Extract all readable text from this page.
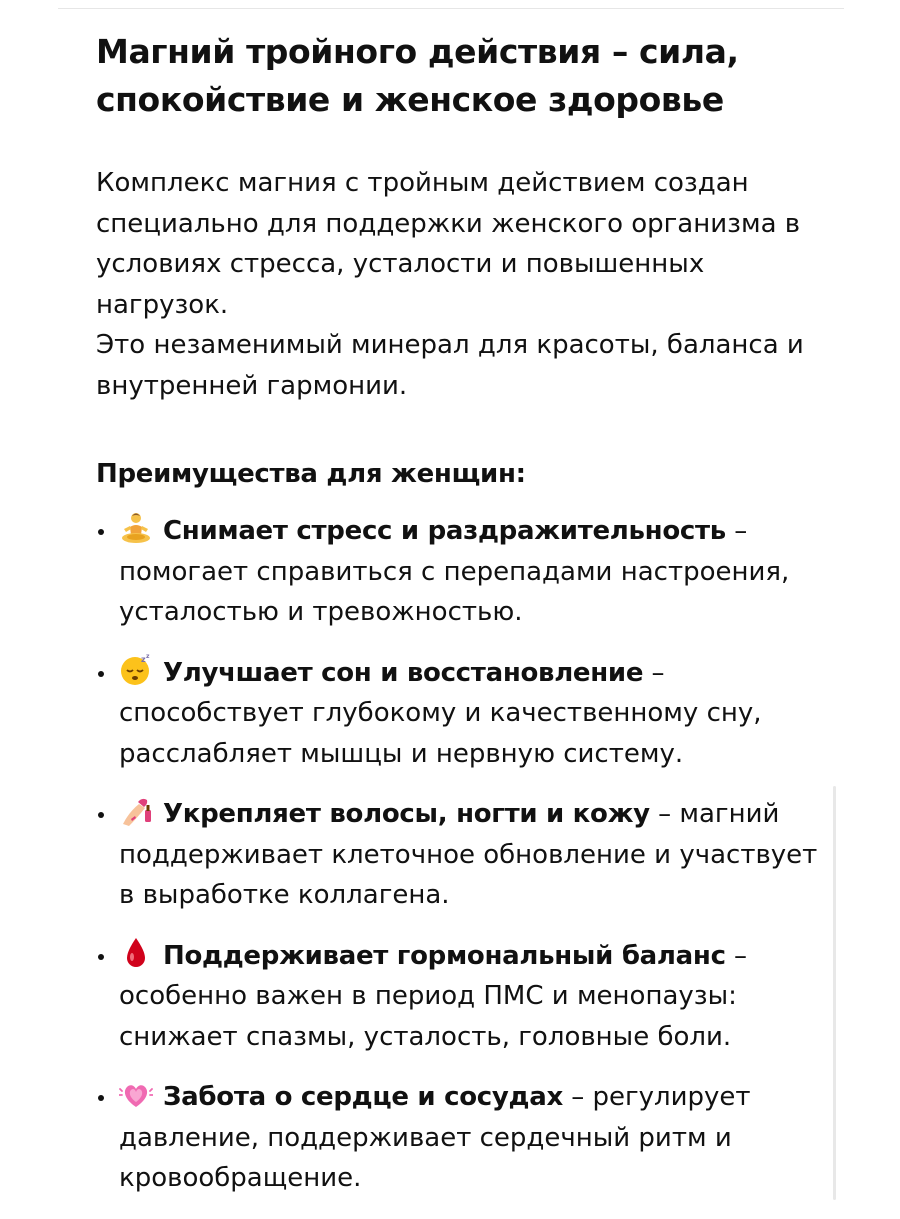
Магний тройного действия – сила, спокойствие и женское здоровье

Комплекс магния с тройным действием создан специально для поддержки женского организма в условиях стресса, усталости и повышенных нагрузок.

Это незаменимый минерал для красоты, баланса и внутренней гармонии.

Преимущества для женщин:
Снимает стресс и раздражительность – помогает справиться с перепадами настроения, усталостью и тревожностью.
z z
Улучшает сон и восстановление – способствует глубокому и качественному сну, расслабляет мышцы и нервную систему.
Укрепляет волосы, ногти и кожу – магний поддерживает клеточное обновление и участвует в выработке коллагена.
Поддерживает гормональный баланс – особенно важен в период ПМС и менопаузы: снижает спазмы, усталость, головные боли.
Забота о сердце и сосудах – регулирует давление, поддерживает сердечный ритм и кровообращение.
